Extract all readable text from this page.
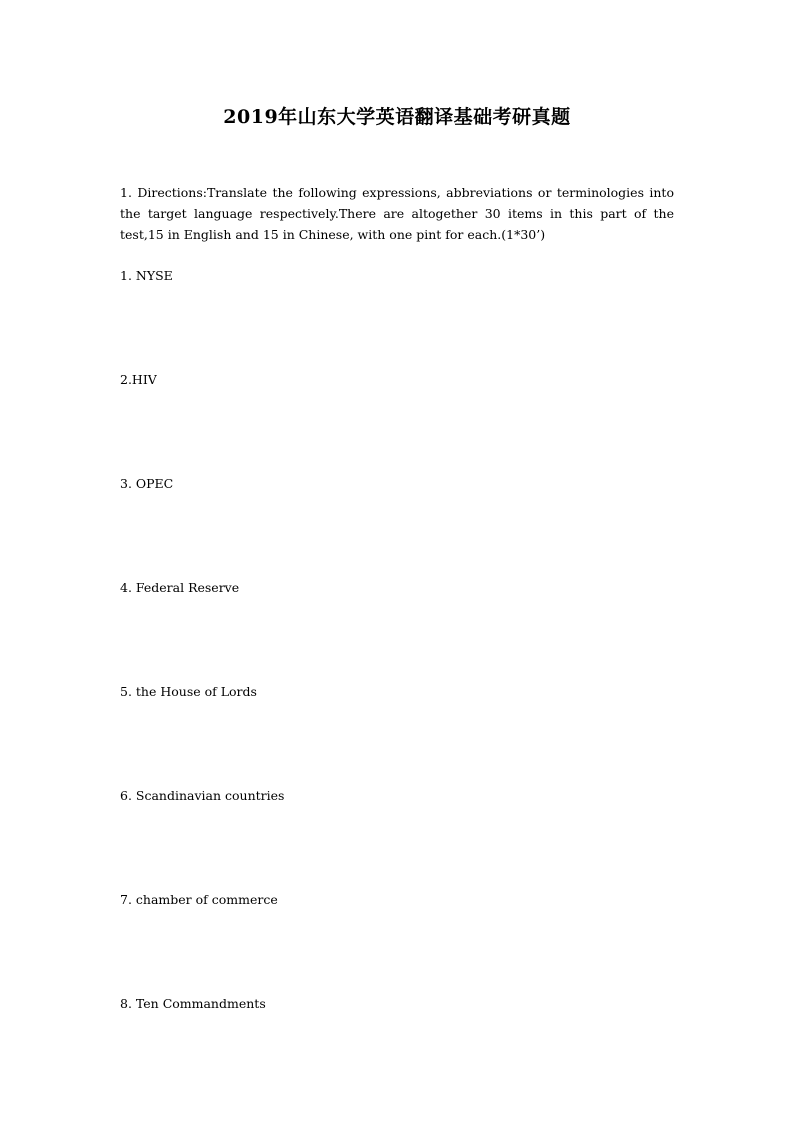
2019年山东大学英语翻译基础考研真题
1. Directions:Translate the following expressions, abbreviations or terminologies into the target language respectively.There are altogether 30 items in this part of the test,15 in English and 15 in Chinese, with one pint for each.(1*30’)
1. NYSE
2.HIV
3. OPEC
4. Federal Reserve
5. the House of Lords
6. Scandinavian countries
7. chamber of commerce
8. Ten Commandments
